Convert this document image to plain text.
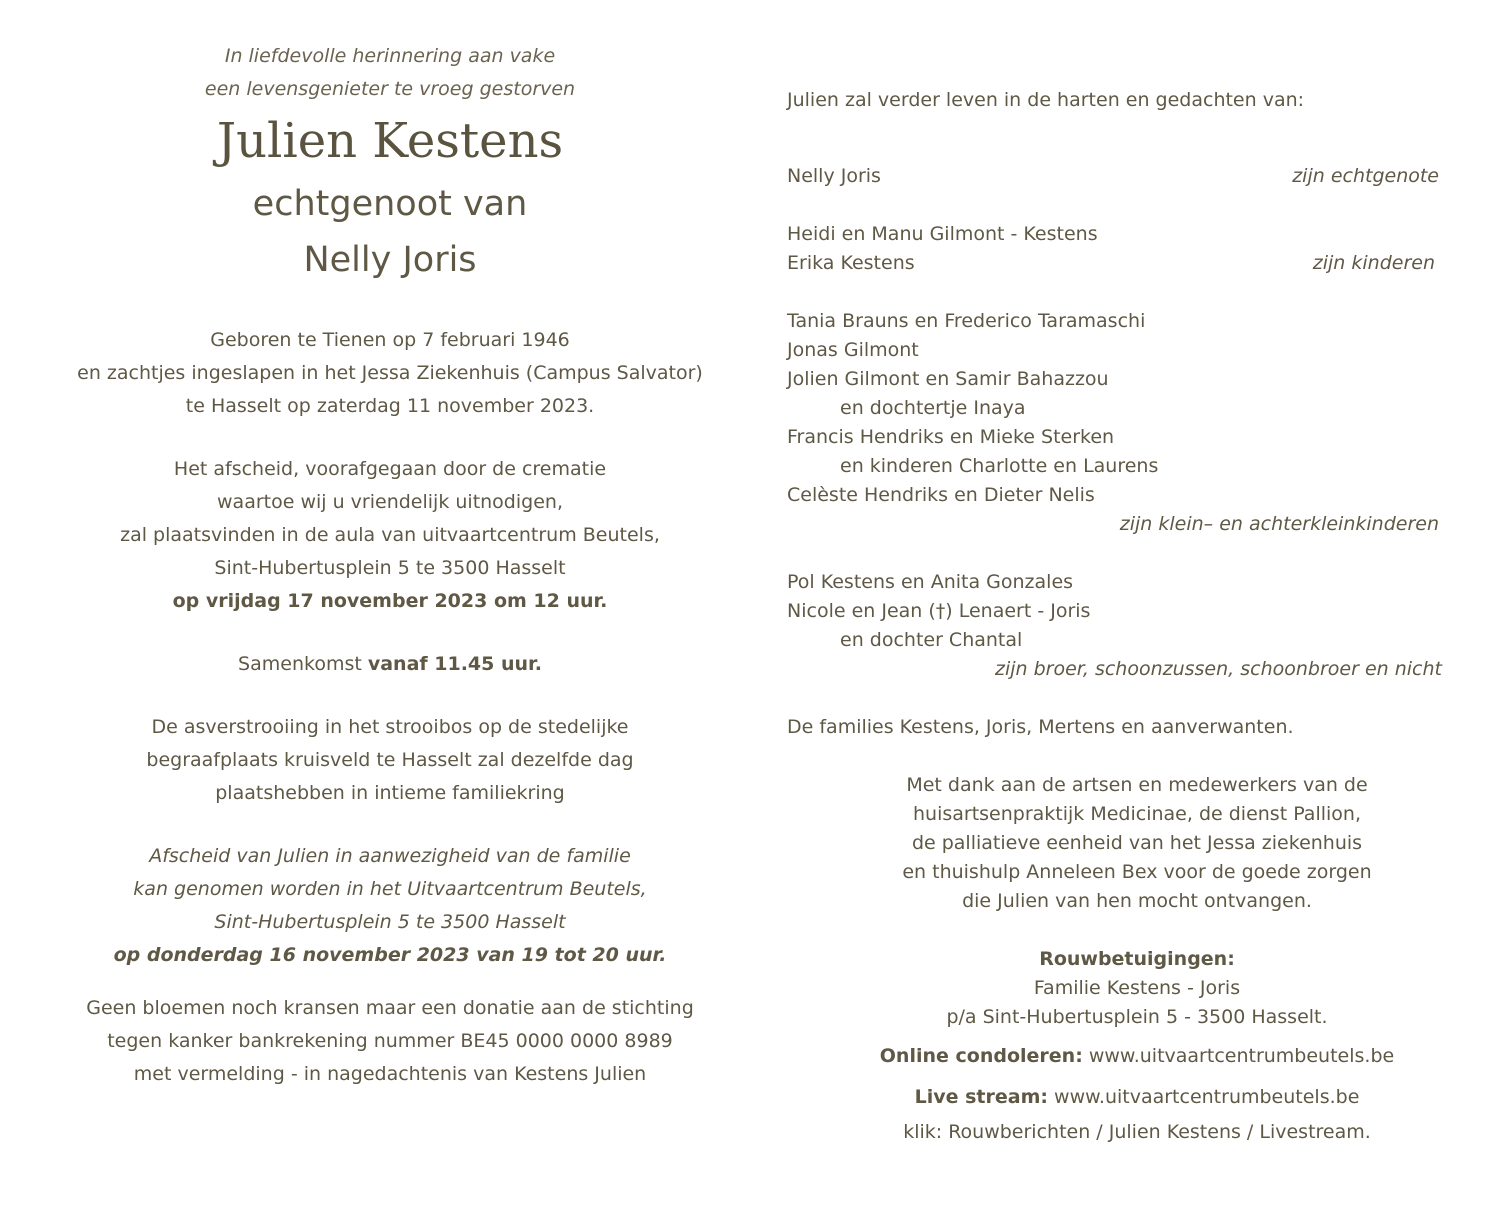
In liefdevolle herinnering aan vake
een levensgenieter te vroeg gestorven
Julien Kestens
echtgenoot van
Nelly Joris
Geboren te Tienen op 7 februari 1946
en zachtjes ingeslapen in het Jessa Ziekenhuis (Campus Salvator)
te Hasselt op zaterdag 11 november 2023.
Het afscheid, voorafgegaan door de crematie
waartoe wij u vriendelijk uitnodigen,
zal plaatsvinden in de aula van uitvaartcentrum Beutels,
Sint-Hubertusplein 5 te 3500 Hasselt
op vrijdag 17 november 2023 om 12 uur.
Samenkomst vanaf 11.45 uur.
De asverstrooiing in het strooibos op de stedelijke
begraafplaats kruisveld te Hasselt zal dezelfde dag
plaatshebben in intieme familiekring
Afscheid van Julien in aanwezigheid van de familie
kan genomen worden in het Uitvaartcentrum Beutels,
Sint-Hubertusplein 5 te 3500 Hasselt
op donderdag 16 november 2023 van 19 tot 20 uur.
Geen bloemen noch kransen maar een donatie aan de stichting
tegen kanker bankrekening nummer BE45 0000 0000 8989
met vermelding - in nagedachtenis van Kestens Julien
Julien zal verder leven in de harten en gedachten van:
Nelly Joris	zijn echtgenote
Heidi en Manu Gilmont - Kestens
Erika Kestens	zijn kinderen
Tania Brauns en Frederico Taramaschi
Jonas Gilmont
Jolien Gilmont en Samir Bahazzou
en dochtertje Inaya
Francis Hendriks en Mieke Sterken
en kinderen Charlotte en Laurens
Celèste Hendriks en Dieter Nelis
zijn klein– en achterkleinkinderen
Pol Kestens en Anita Gonzales
Nicole en Jean (†) Lenaert - Joris
en dochter Chantal
zijn broer, schoonzussen, schoonbroer en nicht
De families Kestens, Joris, Mertens en aanverwanten.
Met dank aan de artsen en medewerkers van de
huisartsenpraktijk Medicinae, de dienst Pallion,
de palliatieve eenheid van het Jessa ziekenhuis
en thuishulp Anneleen Bex voor de goede zorgen
die Julien van hen mocht ontvangen.
Rouwbetuigingen:
Familie Kestens - Joris
p/a Sint-Hubertusplein 5 - 3500 Hasselt.
Online condoleren: www.uitvaartcentrumbeutels.be
Live stream: www.uitvaartcentrumbeutels.be
klik: Rouwberichten / Julien Kestens / Livestream.
